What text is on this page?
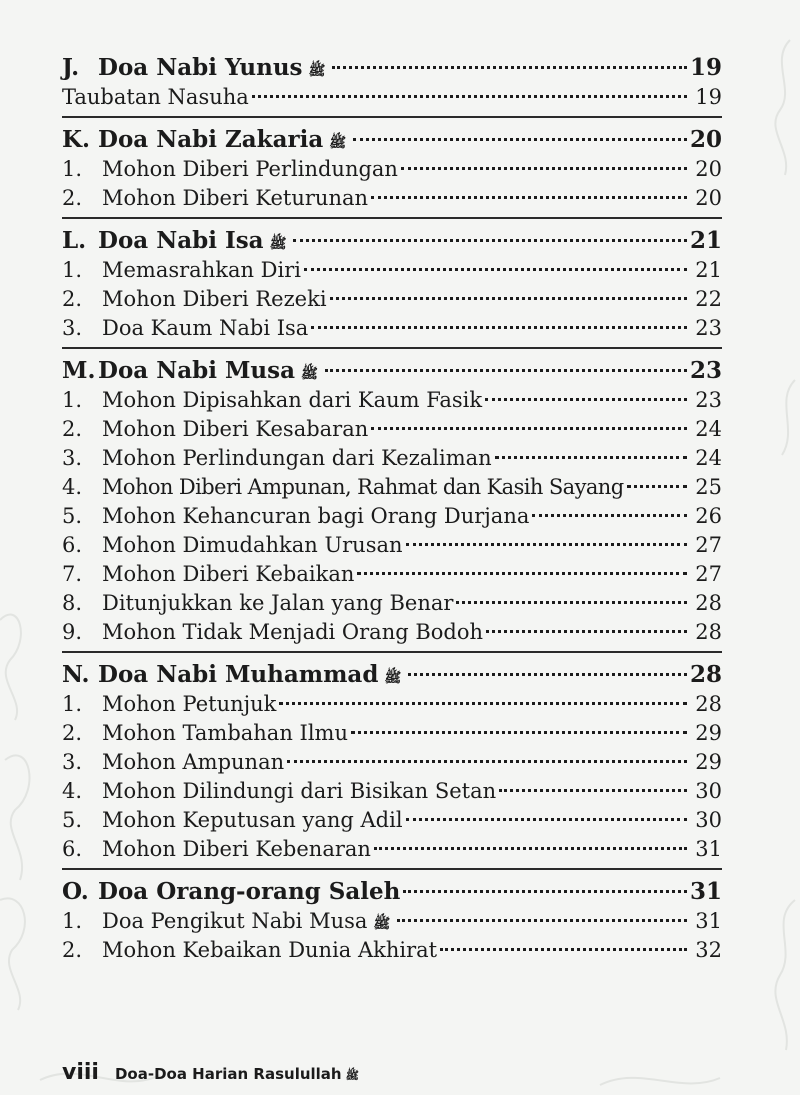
J. Doa Nabi Yunus ﷺ	19
Taubatan Nasuha	19
K. Doa Nabi Zakaria ﷺ	20
1. Mohon Diberi Perlindungan	20
2. Mohon Diberi Keturunan	20
L. Doa Nabi Isa ﷺ	21
1. Memasrahkan Diri	21
2. Mohon Diberi Rezeki	22
3. Doa Kaum Nabi Isa	23
M. Doa Nabi Musa ﷺ	23
1. Mohon Dipisahkan dari Kaum Fasik	23
2. Mohon Diberi Kesabaran	24
3. Mohon Perlindungan dari Kezaliman	24
4. Mohon Diberi Ampunan, Rahmat dan Kasih Sayang	25
5. Mohon Kehancuran bagi Orang Durjana	26
6. Mohon Dimudahkan Urusan	27
7. Mohon Diberi Kebaikan	27
8. Ditunjukkan ke Jalan yang Benar	28
9. Mohon Tidak Menjadi Orang Bodoh	28
N. Doa Nabi Muhammad ﷺ	28
1. Mohon Petunjuk	28
2. Mohon Tambahan Ilmu	29
3. Mohon Ampunan	29
4. Mohon Dilindungi dari Bisikan Setan	30
5. Mohon Keputusan yang Adil	30
6. Mohon Diberi Kebenaran	31
O. Doa Orang-orang Saleh	31
1. Doa Pengikut Nabi Musa ﷺ	31
2. Mohon Kebaikan Dunia Akhirat	32
viii Doa-Doa Harian Rasulullah ﷺ
